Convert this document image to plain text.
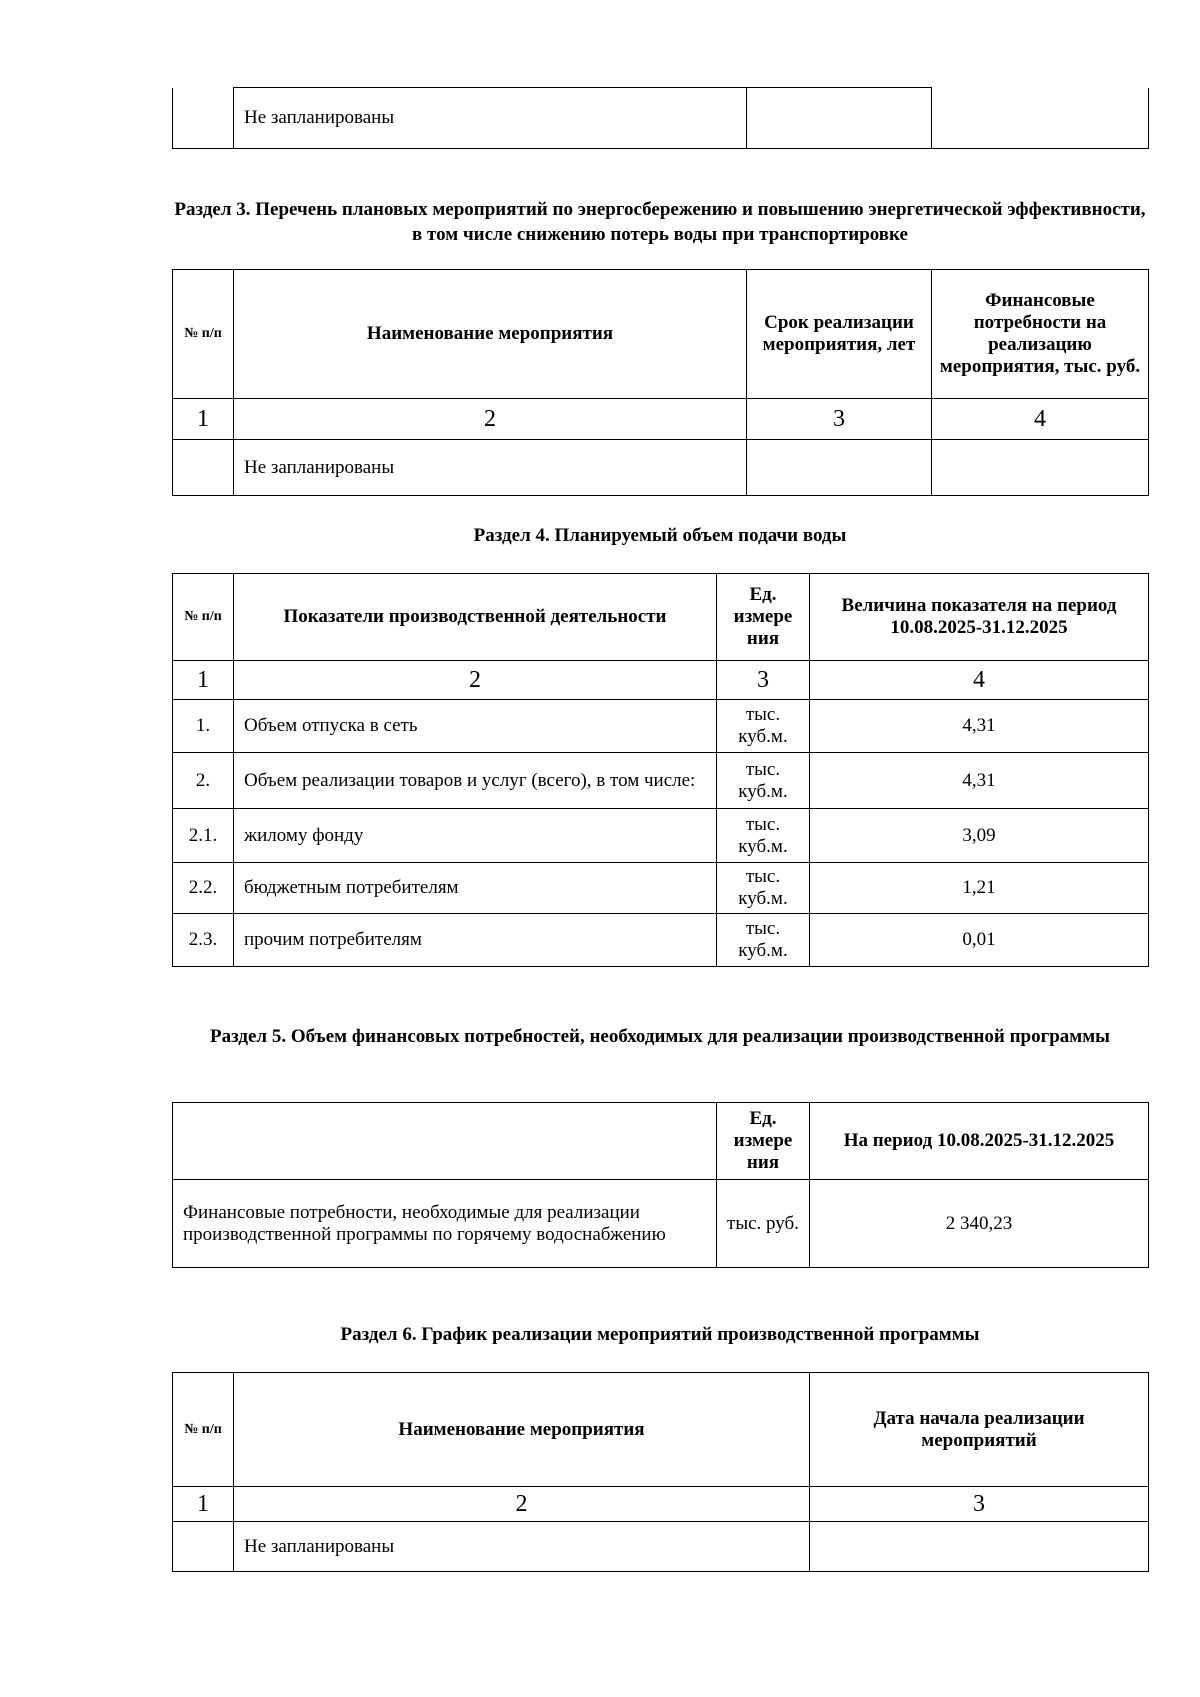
	Не запланированы		
Раздел 3. Перечень плановых мероприятий по энергосбережению и повышению энергетической эффективности, в том числе снижению потерь воды при транспортировке
№ п/п	Наименование мероприятия	Срок реализации мероприятия, лет	Финансовые потребности на реализацию мероприятия, тыс. руб.
1	2	3	4
	Не запланированы		
Раздел 4. Планируемый объем подачи воды
№ п/п	Показатели производственной деятельности	Ед. измере ния	Величина показателя на период 10.08.2025-31.12.2025
1	2	3	4
1.	Объем отпуска в сеть	тыс. куб.м.	4,31
2.	Объем реализации товаров и услуг (всего), в том числе:	тыс. куб.м.	4,31
2.1.	жилому фонду	тыс. куб.м.	3,09
2.2.	бюджетным потребителям	тыс. куб.м.	1,21
2.3.	прочим потребителям	тыс. куб.м.	0,01
Раздел 5. Объем финансовых потребностей, необходимых для реализации производственной программы
	Ед. измере ния	На период 10.08.2025-31.12.2025
Финансовые потребности, необходимые для реализации производственной программы по горячему водоснабжению	тыс. руб.	2 340,23
Раздел 6. График реализации мероприятий производственной программы
№ п/п	Наименование мероприятия	Дата начала реализации мероприятий
1	2	3
	Не запланированы	
